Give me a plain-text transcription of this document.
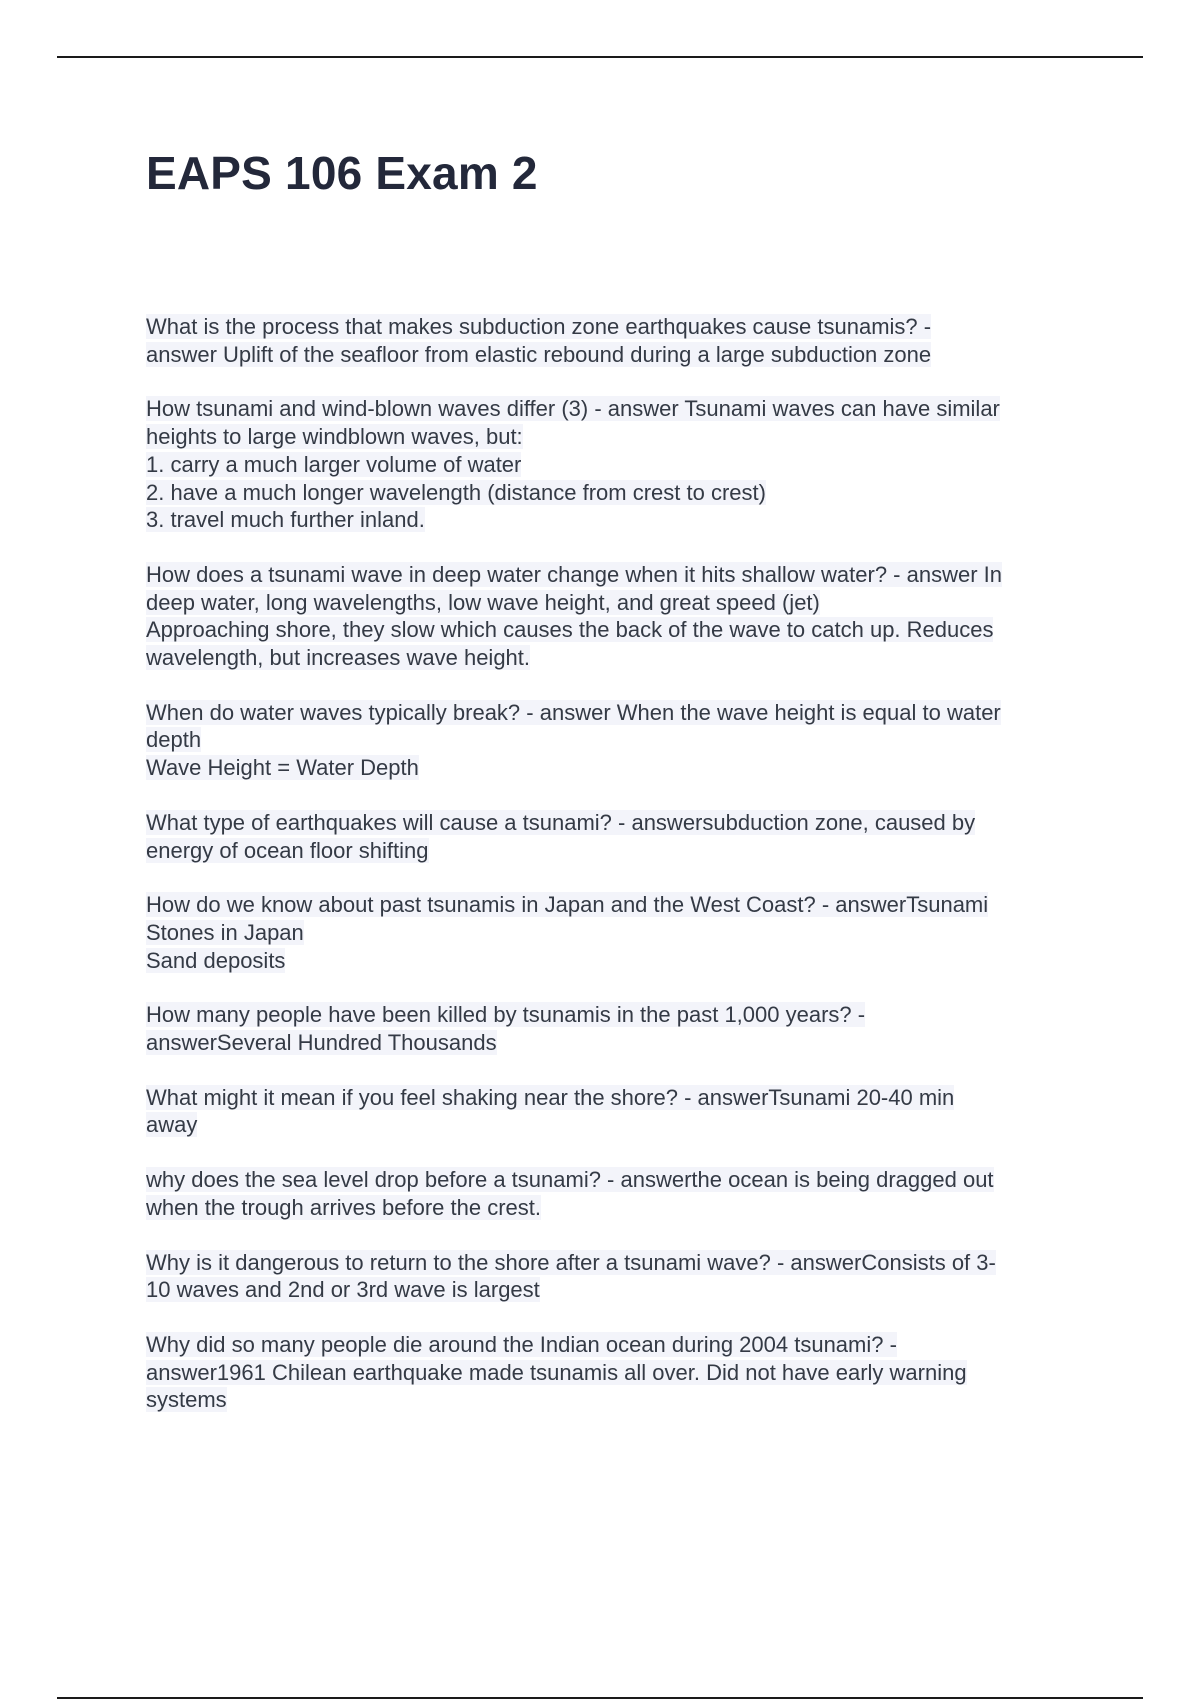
EAPS 106 Exam 2

What is the process that makes subduction zone earthquakes cause tsunamis? -
answer Uplift of the seafloor from elastic rebound during a large subduction zone

How tsunami and wind-blown waves differ (3) - answer Tsunami waves can have similar
heights to large windblown waves, but:
1. carry a much larger volume of water
2. have a much longer wavelength (distance from crest to crest)
3. travel much further inland.

How does a tsunami wave in deep water change when it hits shallow water? - answer In
deep water, long wavelengths, low wave height, and great speed (jet)
Approaching shore, they slow which causes the back of the wave to catch up. Reduces
wavelength, but increases wave height.

When do water waves typically break? - answer When the wave height is equal to water
depth
Wave Height = Water Depth

What type of earthquakes will cause a tsunami? - answersubduction zone, caused by
energy of ocean floor shifting

How do we know about past tsunamis in Japan and the West Coast? - answerTsunami
Stones in Japan
Sand deposits

How many people have been killed by tsunamis in the past 1,000 years? -
answerSeveral Hundred Thousands

What might it mean if you feel shaking near the shore? - answerTsunami 20-40 min
away

why does the sea level drop before a tsunami? - answerthe ocean is being dragged out
when the trough arrives before the crest.

Why is it dangerous to return to the shore after a tsunami wave? - answerConsists of 3-
10 waves and 2nd or 3rd wave is largest

Why did so many people die around the Indian ocean during 2004 tsunami? -
answer1961 Chilean earthquake made tsunamis all over. Did not have early warning
systems
